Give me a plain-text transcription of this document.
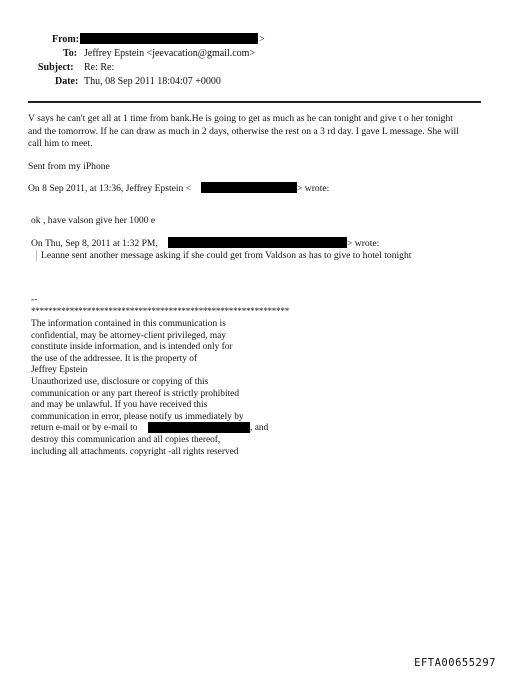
From:	>
To: Jeffrey Epstein <jeevacation@gmail.com>
Subject: Re: Re:
Date: Thu, 08 Sep 2011 18:04:07 +0000
V says he can't get all at 1 time from bank.He is going to get as much as he can tonight and give t o her tonight
and the tomorrow. If he can draw as much in 2 days, otherwise the rest on a 3 rd day. I gave L message. She will
call him to meet.
Sent from my iPhone
On 8 Sep 2011, at 13:36, Jeffrey Epstein <	> wrote:
ok , have valson give her 1000 e
On Thu, Sep 8, 2011 at 1:32 PM,	> wrote:
Leanne sent another message asking if she could get from Valdson as has to give to hotel tonight
--
************************************************************
The information contained in this communication is
confidential, may be attorney-client privileged, may
constitute inside information, and is intended only for
the use of the addressee. It is the property of
Jeffrey Epstein
Unauthorized use, disclosure or copying of this
communication or any part thereof is strictly prohibited
and may be unlawful. If you have received this
communication in error, please notify us immediately by
return e-mail or by e-mail to	, and
destroy this communication and all copies thereof,
including all attachments. copyright -all rights reserved
EFTA00655297
